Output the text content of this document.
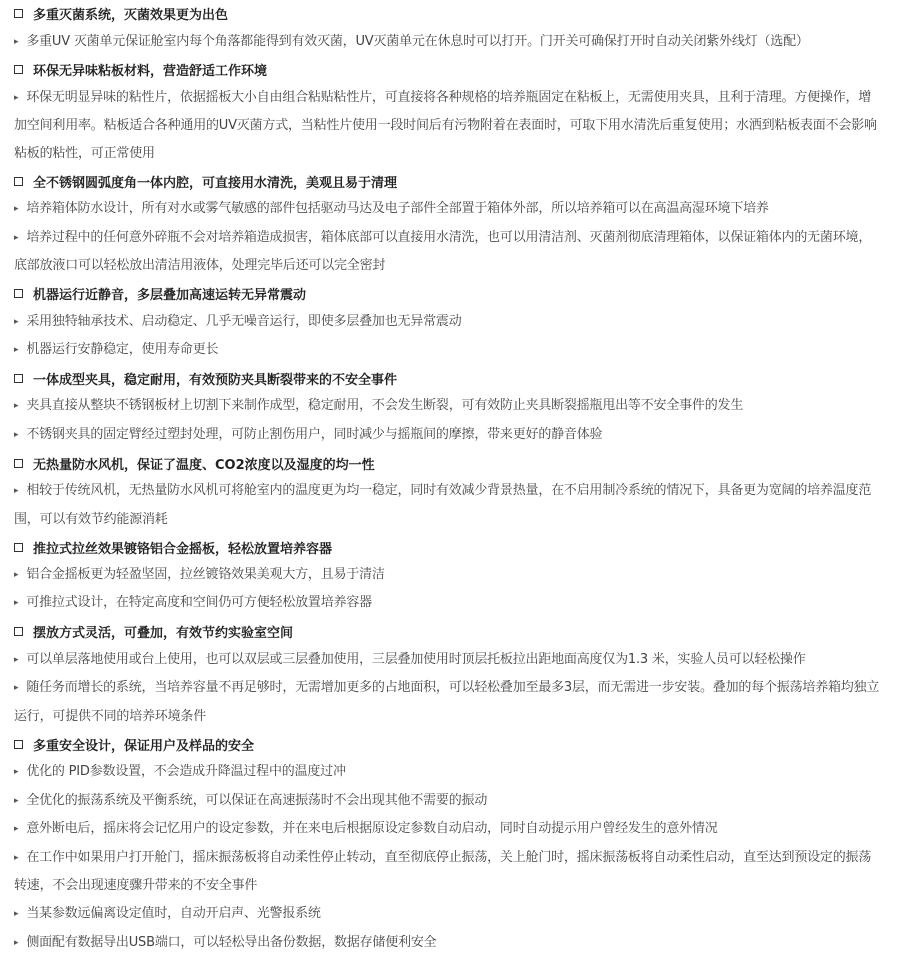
多重灭菌系统，灭菌效果更为出色
▸ 多重UV 灭菌单元保证舱室内每个角落都能得到有效灭菌，UV灭菌单元在休息时可以打开。门开关可确保打开时自动关闭紫外线灯（选配）
环保无异味粘板材料，营造舒适工作环境
▸ 环保无明显异味的粘性片，依据摇板大小自由组合粘贴粘性片，可直接将各种规格的培养瓶固定在粘板上，无需使用夹具，且利于清理。方便操作，增加空间利用率。粘板适合各种通用的UV灭菌方式，当粘性片使用一段时间后有污物附着在表面时，可取下用水清洗后重复使用；水洒到粘板表面不会影响粘板的粘性，可正常使用
全不锈钢圆弧度角一体内腔，可直接用水清洗，美观且易于清理
▸ 培养箱体防水设计，所有对水或雾气敏感的部件包括驱动马达及电子部件全部置于箱体外部，所以培养箱可以在高温高湿环境下培养
▸ 培养过程中的任何意外碎瓶不会对培养箱造成损害，箱体底部可以直接用水清洗，也可以用清洁剂、灭菌剂彻底清理箱体，以保证箱体内的无菌环境，底部放液口可以轻松放出清洁用液体，处理完毕后还可以完全密封
机器运行近静音，多层叠加高速运转无异常震动
▸ 采用独特轴承技术、启动稳定、几乎无噪音运行，即使多层叠加也无异常震动
▸ 机器运行安静稳定，使用寿命更长
一体成型夹具，稳定耐用，有效预防夹具断裂带来的不安全事件
▸ 夹具直接从整块不锈钢板材上切割下来制作成型，稳定耐用，不会发生断裂，可有效防止夹具断裂摇瓶甩出等不安全事件的发生
▸ 不锈钢夹具的固定臂经过塑封处理，可防止割伤用户，同时减少与摇瓶间的摩擦，带来更好的静音体验
无热量防水风机，保证了温度、CO2浓度以及湿度的均一性
▸ 相较于传统风机，无热量防水风机可将舱室内的温度更为均一稳定，同时有效减少背景热量，在不启用制冷系统的情况下，具备更为宽阔的培养温度范围，可以有效节约能源消耗
推拉式拉丝效果镀铬铝合金摇板，轻松放置培养容器
▸ 铝合金摇板更为轻盈坚固，拉丝镀铬效果美观大方，且易于清洁
▸ 可推拉式设计，在特定高度和空间仍可方便轻松放置培养容器
摆放方式灵活，可叠加，有效节约实验室空间
▸ 可以单层落地使用或台上使用，也可以双层或三层叠加使用，三层叠加使用时顶层托板拉出距地面高度仅为1.3 米，实验人员可以轻松操作
▸ 随任务而增长的系统，当培养容量不再足够时，无需增加更多的占地面积，可以轻松叠加至最多3层，而无需进一步安装。叠加的每个振荡培养箱均独立运行，可提供不同的培养环境条件
多重安全设计，保证用户及样品的安全
▸ 优化的 PID参数设置，不会造成升降温过程中的温度过冲
▸ 全优化的振荡系统及平衡系统，可以保证在高速振荡时不会出现其他不需要的振动
▸ 意外断电后，摇床将会记忆用户的设定参数，并在来电后根据原设定参数自动启动，同时自动提示用户曾经发生的意外情况
▸ 在工作中如果用户打开舱门，摇床振荡板将自动柔性停止转动，直至彻底停止振荡，关上舱门时，摇床振荡板将自动柔性启动，直至达到预设定的振荡转速，不会出现速度骤升带来的不安全事件
▸ 当某参数远偏离设定值时，自动开启声、光警报系统
▸ 侧面配有数据导出USB端口，可以轻松导出备份数据，数据存储便利安全
